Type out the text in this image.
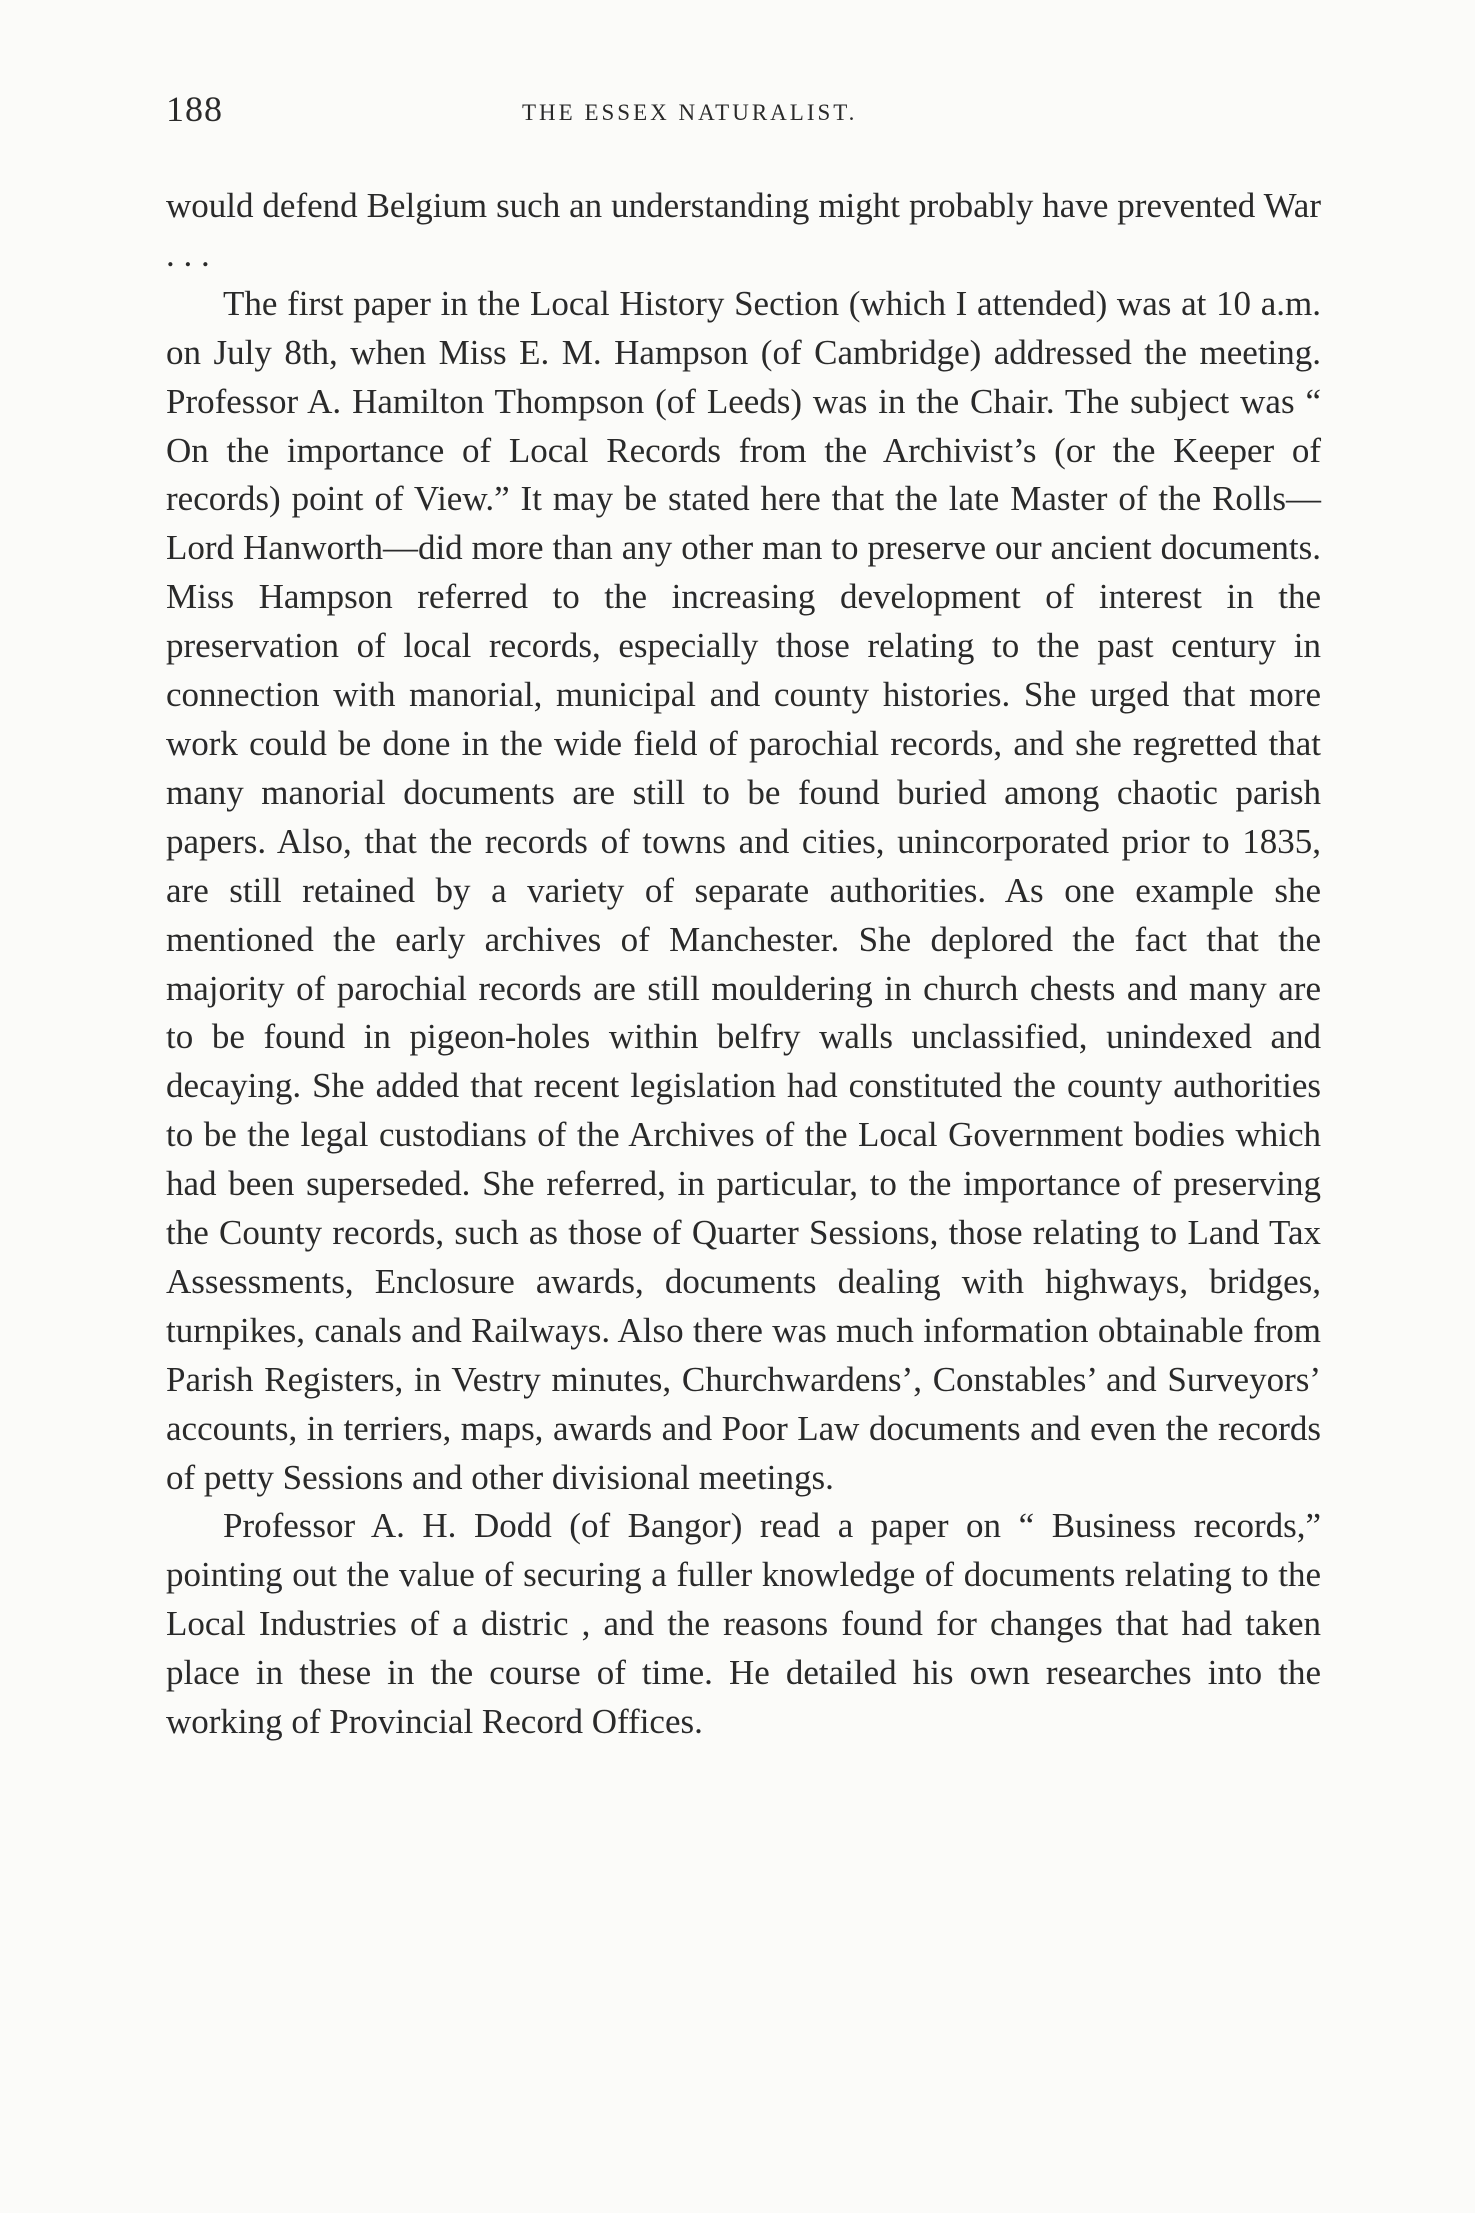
188	THE ESSEX NATURALIST.

would defend Belgium such an understanding might probably have prevented War . . .

The first paper in the Local History Section (which I attended) was at 10 a.m. on July 8th, when Miss E. M. Hampson (of Cambridge) addressed the meeting. Professor A. Hamilton Thompson (of Leeds) was in the Chair. The subject was “ On the importance of Local Records from the Archivist’s (or the Keeper of records) point of View.” It may be stated here that the late Master of the Rolls—Lord Hanworth—did more than any other man to preserve our ancient documents. Miss Hampson referred to the increasing development of interest in the preservation of local records, especially those relating to the past century in connection with manorial, municipal and county histories. She urged that more work could be done in the wide field of parochial records, and she regretted that many manorial documents are still to be found buried among chaotic parish papers. Also, that the records of towns and cities, unincorporated prior to 1835, are still retained by a variety of separate authorities. As one example she mentioned the early archives of Manchester. She deplored the fact that the majority of parochial records are still mouldering in church chests and many are to be found in pigeon-holes within belfry walls unclassified, unindexed and decaying. She added that recent legislation had constituted the county authorities to be the legal custodians of the Archives of the Local Government bodies which had been superseded. She referred, in particular, to the importance of preserving the County records, such as those of Quarter Sessions, those relating to Land Tax Assessments, Enclosure awards, documents dealing with highways, bridges, turnpikes, canals and Railways. Also there was much information obtainable from Parish Registers, in Vestry minutes, Churchwardens’, Constables’ and Surveyors’ accounts, in terriers, maps, awards and Poor Law documents and even the records of petty Sessions and other divisional meetings.

Professor A. H. Dodd (of Bangor) read a paper on “ Business records,” pointing out the value of securing a fuller knowledge of documents relating to the Local Industries of a distric , and the reasons found for changes that had taken place in these in the course of time. He detailed his own researches into the working of Provincial Record Offices.
